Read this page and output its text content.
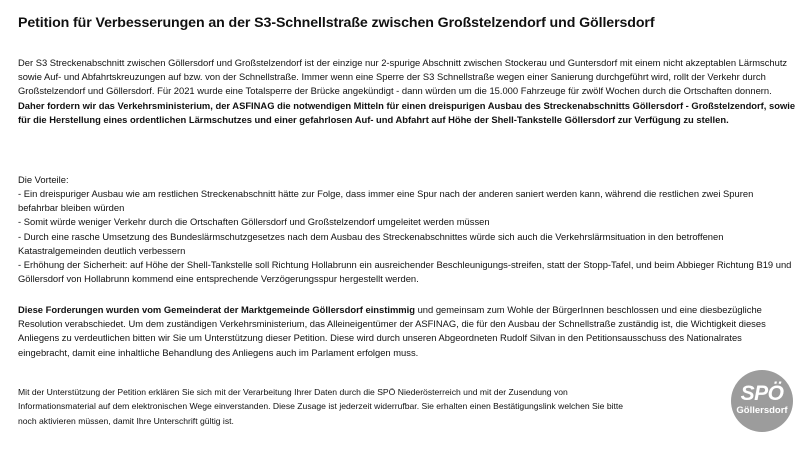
Petition für Verbesserungen an der S3-Schnellstraße zwischen Großstelzendorf und Göllersdorf
Der S3 Streckenabschnitt zwischen Göllersdorf und Großstelzendorf ist der einzige nur 2-spurige Abschnitt zwischen Stockerau und Guntersdorf mit einem nicht akzeptablen Lärmschutz sowie Auf- und Abfahrtskreuzungen auf bzw. von der Schnellstraße. Immer wenn eine Sperre der S3 Schnellstraße wegen einer Sanierung durchgeführt wird, rollt der Verkehr durch Großstelzendorf und Göllersdorf. Für 2021 wurde eine Totalsperre der Brücke angekündigt - dann würden um die 15.000 Fahrzeuge für zwölf Wochen durch die Ortschaften donnern.
Daher fordern wir das Verkehrsministerium, der ASFINAG die notwendigen Mitteln für einen dreispurigen Ausbau des Streckenabschnitts Göllersdorf - Großstelzendorf, sowie für die Herstellung eines ordentlichen Lärmschutzes und einer gefahrlosen Auf- und Abfahrt auf Höhe der Shell-Tankstelle Göllersdorf zur Verfügung zu stellen.
Die Vorteile:
- Ein dreispuriger Ausbau wie am restlichen Streckenabschnitt hätte zur Folge, dass immer eine Spur nach der anderen saniert werden kann, während die restlichen zwei Spuren befahrbar bleiben würden
- Somit würde weniger Verkehr durch die Ortschaften Göllersdorf und Großstelzendorf umgeleitet werden müssen
- Durch eine rasche Umsetzung des Bundeslärmschutzgesetzes nach dem Ausbau des Streckenabschnittes würde sich auch die Verkehrslärmsituation in den betroffenen Katastralgemeinden deutlich verbessern
- Erhöhung der Sicherheit: auf Höhe der Shell-Tankstelle soll Richtung Hollabrunn ein ausreichender Beschleunigungs-streifen, statt der Stopp-Tafel, und beim Abbieger Richtung B19 und Göllersdorf von Hollabrunn kommend eine entsprechende Verzögerungsspur hergestellt werden.
Diese Forderungen wurden vom Gemeinderat der Marktgemeinde Göllersdorf einstimmig und gemeinsam zum Wohle der BürgerInnen beschlossen und eine diesbezügliche Resolution verabschiedet. Um dem zuständigen Verkehrsministerium, das Alleineigentümer der ASFINAG, die für den Ausbau der Schnellstraße zuständig ist, die Wichtigkeit dieses Anliegens zu verdeutlichen bitten wir Sie um Unterstützung dieser Petition. Diese wird durch unseren Abgeordneten Rudolf Silvan in den Petitionsausschuss des Nationalrates eingebracht, damit eine inhaltliche Behandlung des Anliegens auch im Parlament erfolgen muss.
Mit der Unterstützung der Petition erklären Sie sich mit der Verarbeitung Ihrer Daten durch die SPÖ Niederösterreich und mit der Zusendung von Informationsmaterial auf dem elektronischen Wege einverstanden. Diese Zusage ist jederzeit widerrufbar. Sie erhalten einen Bestätigungslink welchen Sie bitte noch aktivieren müssen, damit Ihre Unterschrift gültig ist.
SPÖ
Göllersdorf
